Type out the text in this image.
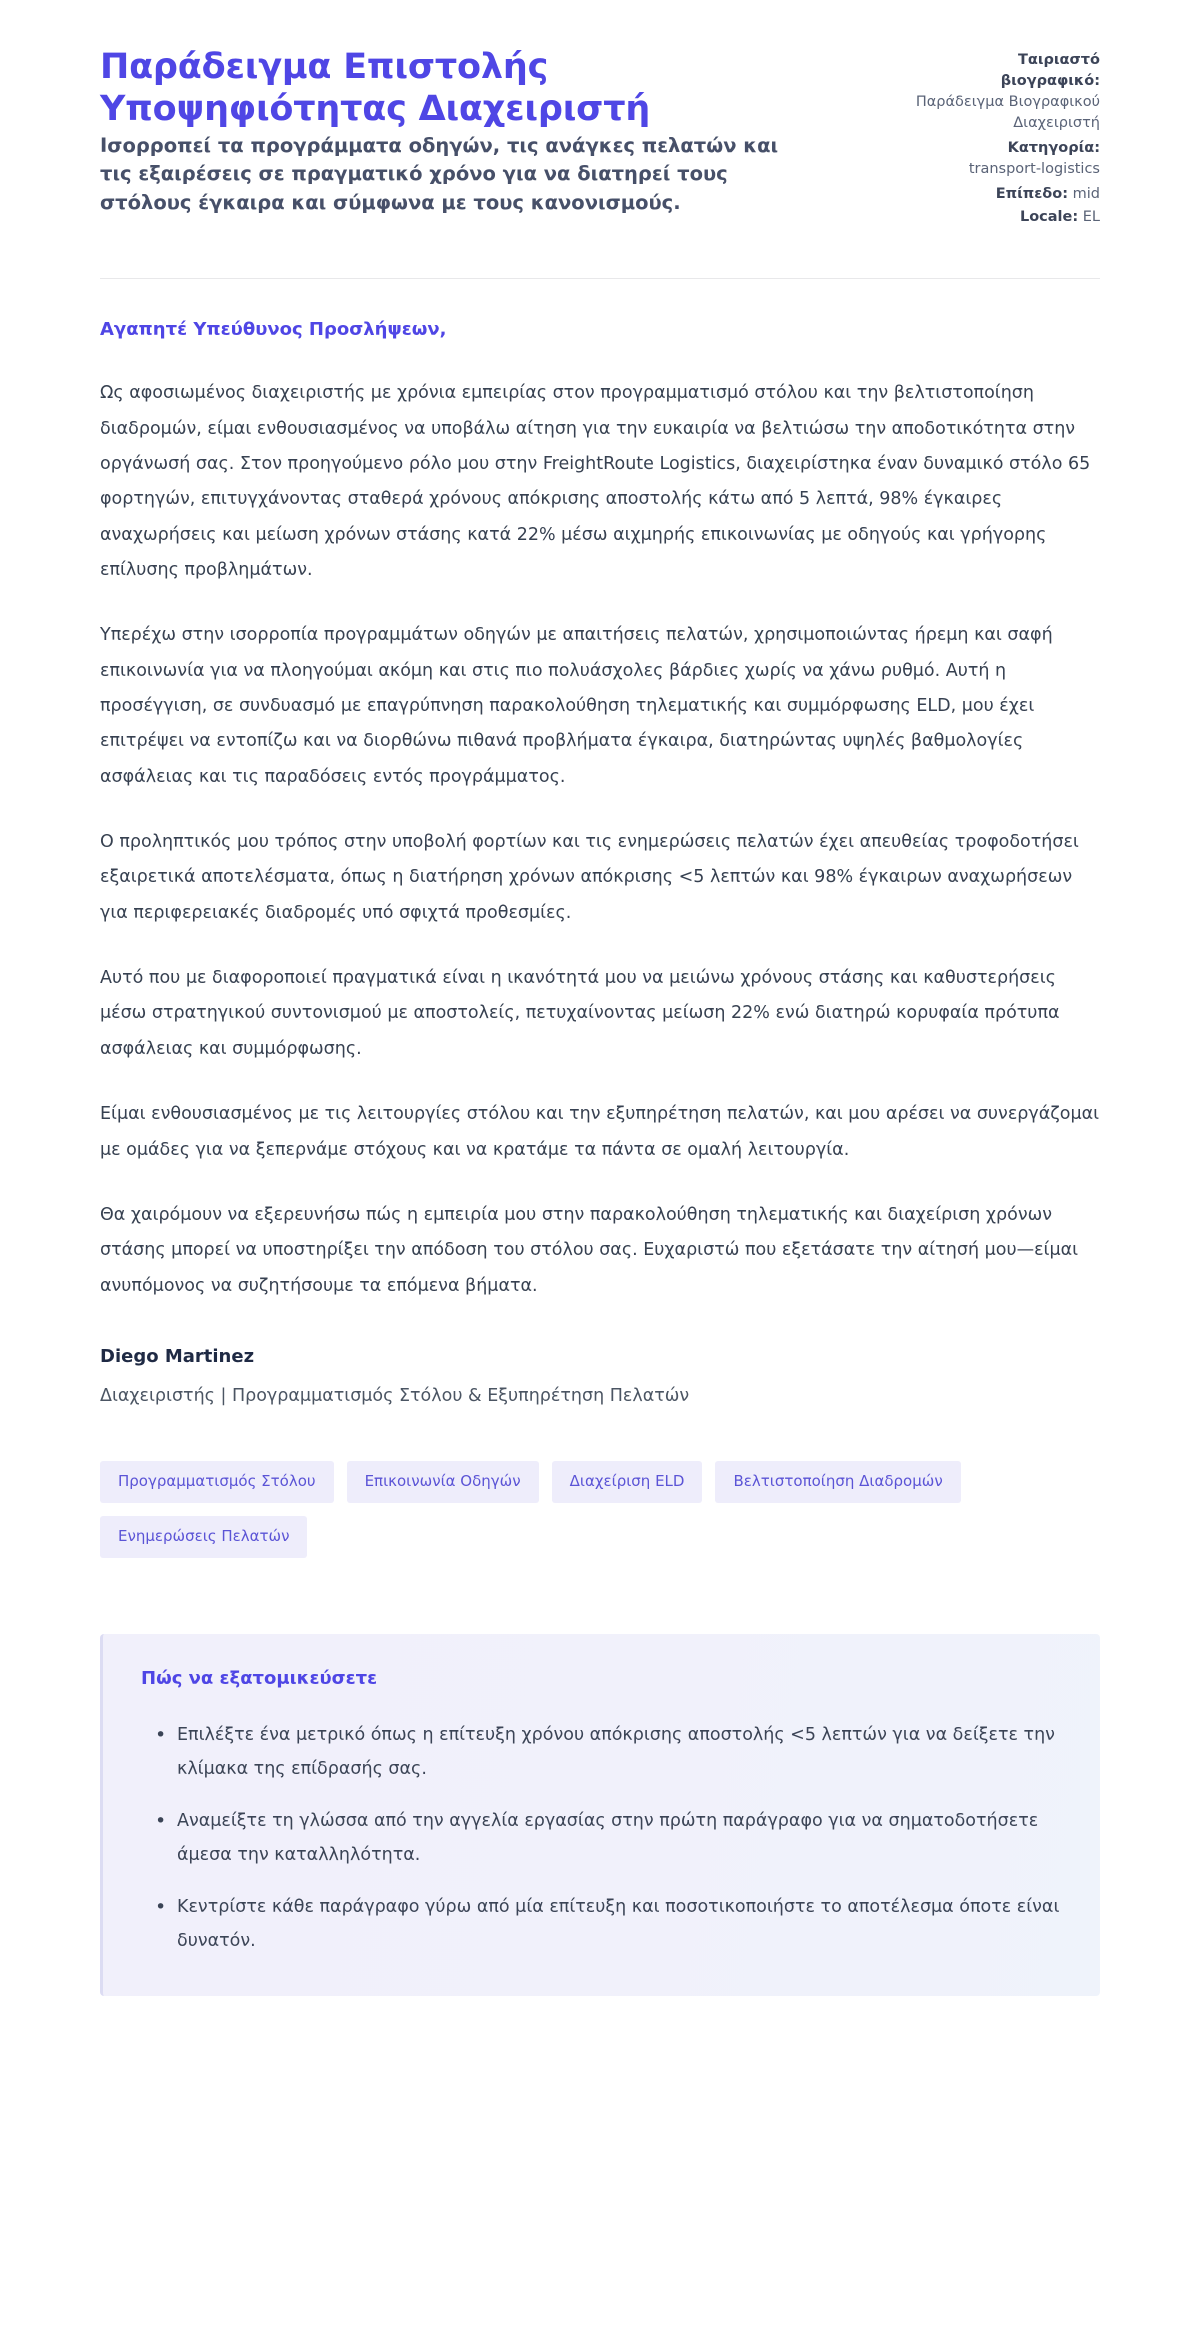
Παράδειγμα Επιστολής Υποψηφιότητας Διαχειριστή

Ισορροπεί τα προγράμματα οδηγών, τις ανάγκες πελατών και τις εξαιρέσεις σε πραγματικό χρόνο για να διατηρεί τους στόλους έγκαιρα και σύμφωνα με τους κανονισμούς.

Ταιριαστό βιογραφικό:
Παράδειγμα Βιογραφικού Διαχειριστή
Κατηγορία:
transport-logistics
Επίπεδο: mid
Locale: EL

Αγαπητέ Υπεύθυνος Προσλήψεων,

Ως αφοσιωμένος διαχειριστής με χρόνια εμπειρίας στον προγραμματισμό στόλου και την βελτιστοποίηση διαδρομών, είμαι ενθουσιασμένος να υποβάλω αίτηση για την ευκαιρία να βελτιώσω την αποδοτικότητα στην οργάνωσή σας. Στον προηγούμενο ρόλο μου στην FreightRoute Logistics, διαχειρίστηκα έναν δυναμικό στόλο 65 φορτηγών, επιτυγχάνοντας σταθερά χρόνους απόκρισης αποστολής κάτω από 5 λεπτά, 98% έγκαιρες αναχωρήσεις και μείωση χρόνων στάσης κατά 22% μέσω αιχμηρής επικοινωνίας με οδηγούς και γρήγορης επίλυσης προβλημάτων.

Υπερέχω στην ισορροπία προγραμμάτων οδηγών με απαιτήσεις πελατών, χρησιμοποιώντας ήρεμη και σαφή επικοινωνία για να πλοηγούμαι ακόμη και στις πιο πολυάσχολες βάρδιες χωρίς να χάνω ρυθμό. Αυτή η προσέγγιση, σε συνδυασμό με επαγρύπνηση παρακολούθηση τηλεματικής και συμμόρφωσης ELD, μου έχει επιτρέψει να εντοπίζω και να διορθώνω πιθανά προβλήματα έγκαιρα, διατηρώντας υψηλές βαθμολογίες ασφάλειας και τις παραδόσεις εντός προγράμματος.

Ο προληπτικός μου τρόπος στην υποβολή φορτίων και τις ενημερώσεις πελατών έχει απευθείας τροφοδοτήσει εξαιρετικά αποτελέσματα, όπως η διατήρηση χρόνων απόκρισης <5 λεπτών και 98% έγκαιρων αναχωρήσεων για περιφερειακές διαδρομές υπό σφιχτά προθεσμίες.

Αυτό που με διαφοροποιεί πραγματικά είναι η ικανότητά μου να μειώνω χρόνους στάσης και καθυστερήσεις μέσω στρατηγικού συντονισμού με αποστολείς, πετυχαίνοντας μείωση 22% ενώ διατηρώ κορυφαία πρότυπα ασφάλειας και συμμόρφωσης.

Είμαι ενθουσιασμένος με τις λειτουργίες στόλου και την εξυπηρέτηση πελατών, και μου αρέσει να συνεργάζομαι με ομάδες για να ξεπερνάμε στόχους και να κρατάμε τα πάντα σε ομαλή λειτουργία.

Θα χαιρόμουν να εξερευνήσω πώς η εμπειρία μου στην παρακολούθηση τηλεματικής και διαχείριση χρόνων στάσης μπορεί να υποστηρίξει την απόδοση του στόλου σας. Ευχαριστώ που εξετάσατε την αίτησή μου—είμαι ανυπόμονος να συζητήσουμε τα επόμενα βήματα.

Diego Martinez

Διαχειριστής | Προγραμματισμός Στόλου & Εξυπηρέτηση Πελατών

Προγραμματισμός Στόλου	Επικοινωνία Οδηγών	Διαχείριση ELD	Βελτιστοποίηση Διαδρομών
Ενημερώσεις Πελατών

Πώς να εξατομικεύσετε

• Επιλέξτε ένα μετρικό όπως η επίτευξη χρόνου απόκρισης αποστολής <5 λεπτών για να δείξετε την κλίμακα της επίδρασής σας.
• Αναμείξτε τη γλώσσα από την αγγελία εργασίας στην πρώτη παράγραφο για να σηματοδοτήσετε άμεσα την καταλληλότητα.
• Κεντρίστε κάθε παράγραφο γύρω από μία επίτευξη και ποσοτικοποιήστε το αποτέλεσμα όποτε είναι δυνατόν.
